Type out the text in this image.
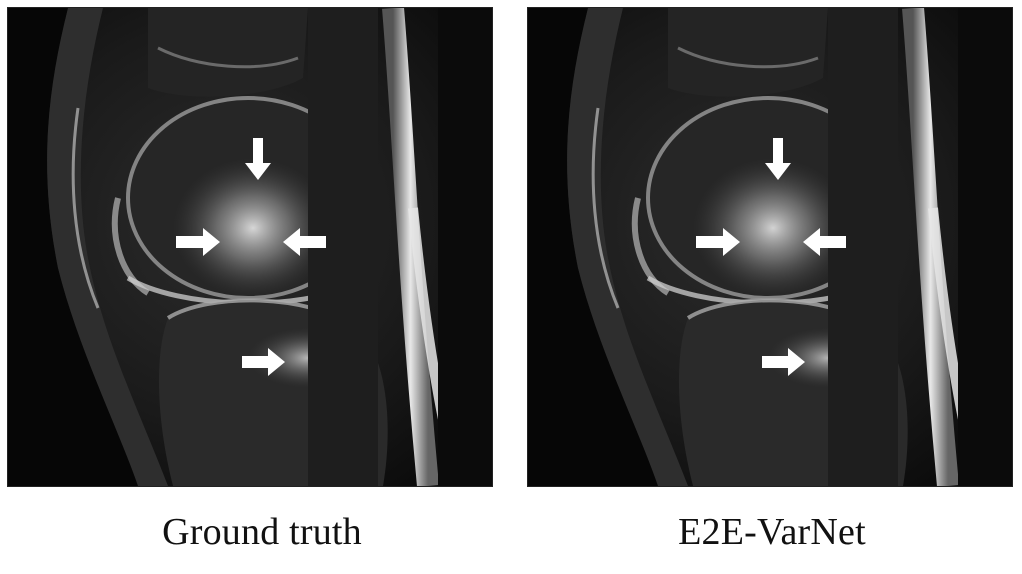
Ground truth	E2E-VarNet
